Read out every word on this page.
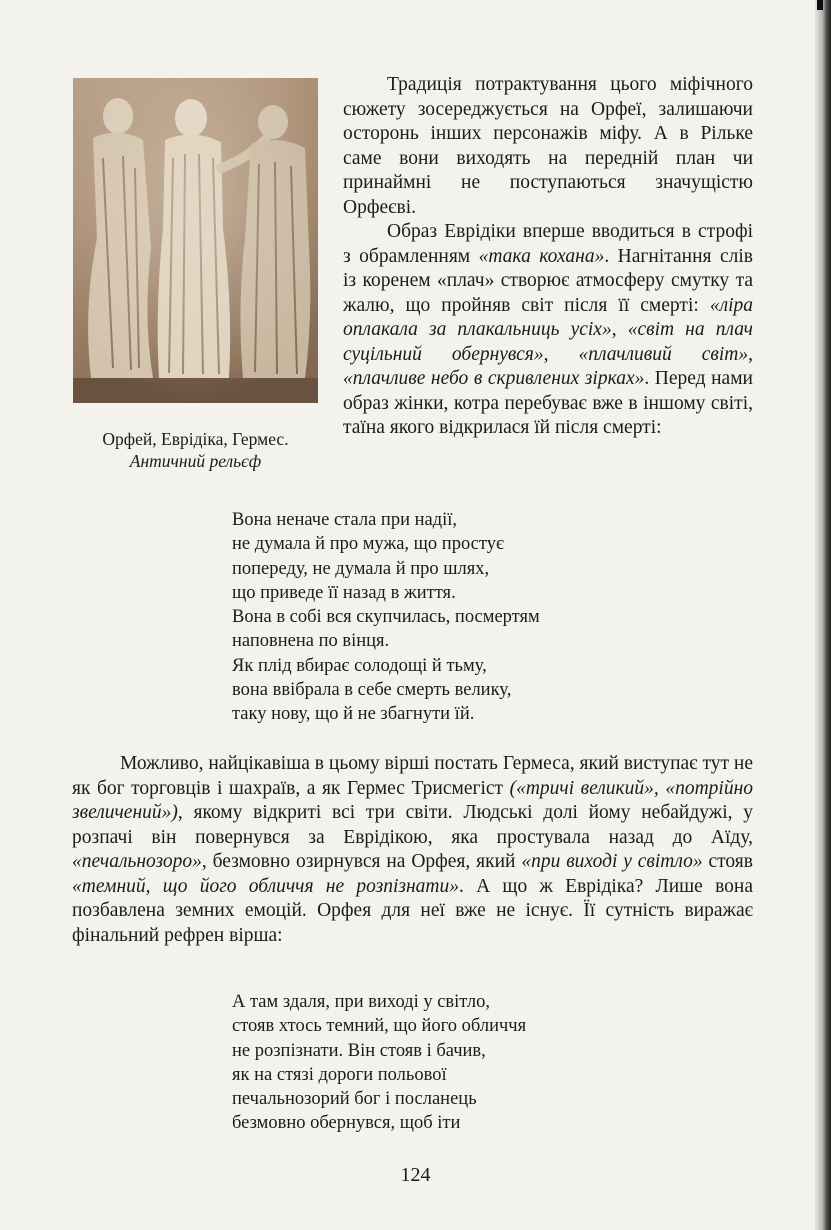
Орфей, Еврідіка, Гермес.
Античний рельєф

Традиція потрактування цього міфічного сюжету зосереджується на Орфеї, залишаючи осторонь інших персонажів міфу. А в Рільке саме вони виходять на передній план чи принаймні не поступаються значущістю Орфеєві.

Образ Еврідіки вперше вводиться в строфі з обрамленням «така кохана». Нагнітання слів із коренем «плач» створює атмосферу смутку та жалю, що пройняв світ після її смерті: «ліра оплакала за плакальниць усіх», «світ на плач суцільний обернувся», «плачливий світ», «плачливе небо в скривлених зірках». Перед нами образ жінки, котра перебуває вже в іншому світі, таїна якого відкрилася їй після смерті:

Вона неначе стала при надії,
не думала й про мужа, що простує
попереду, не думала й про шлях,
що приведе її назад в життя.
Вона в собі вся скупчилась, посмертям
наповнена по вінця.
Як плід вбирає солодощі й тьму,
вона ввібрала в себе смерть велику,
таку нову, що й не збагнути їй.

Можливо, найцікавіша в цьому вірші постать Гермеса, який виступає тут не як бог торговців і шахраїв, а як Гермес Трисмегіст («тричі великий», «потрійно звеличений»), якому відкриті всі три світи. Людські долі йому небайдужі, у розпачі він повернувся за Еврідікою, яка простувала назад до Аїду, «печальнозоро», безмовно озирнувся на Орфея, який «при виході у світло» стояв «темний, що його обличчя не розпізнати». А що ж Еврідіка? Лише вона позбавлена земних емоцій. Орфея для неї вже не існує. Її сутність виражає фінальний рефрен вірша:

А там здаля, при виході у світло,
стояв хтось темний, що його обличчя
не розпізнати. Він стояв і бачив,
як на стязі дороги польової
печальнозорий бог і посланець
безмовно обернувся, щоб іти
124
